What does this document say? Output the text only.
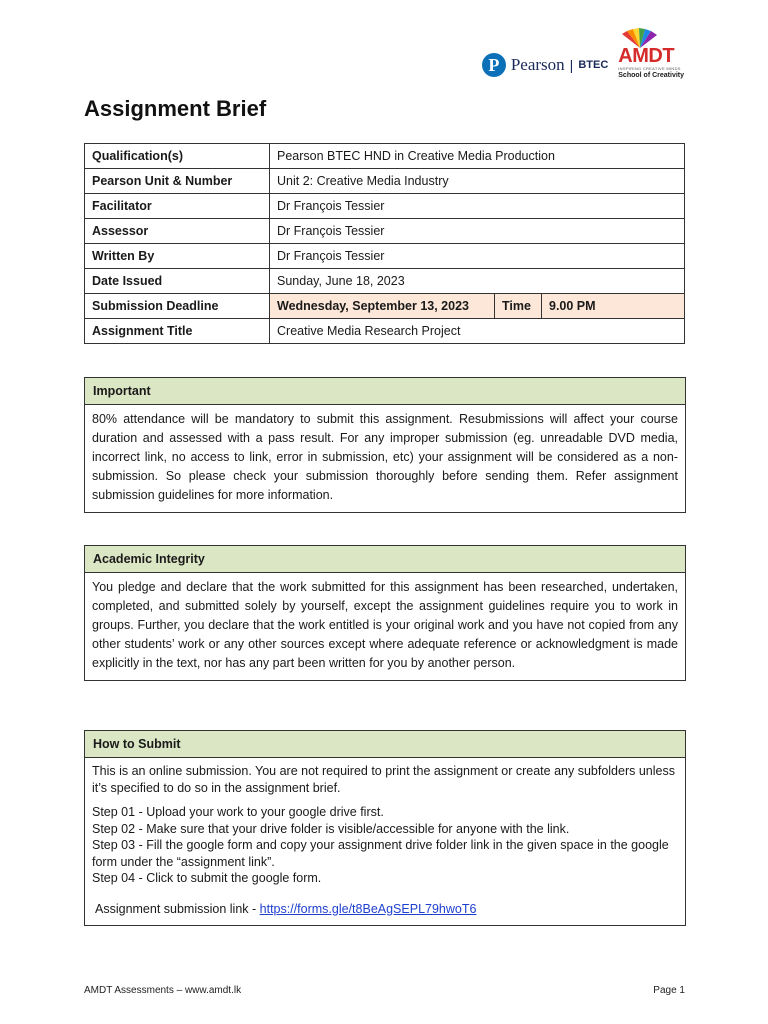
P Pearson | BTEC AMDT
INSPIRING CREATIVE MINDS
School of Creativity
Assignment Brief
Qualification(s)	Pearson BTEC HND in Creative Media Production		
Pearson Unit & Number	Unit 2: Creative Media Industry		
Facilitator	Dr François Tessier		
Assessor	Dr François Tessier		
Written By	Dr François Tessier		
Date Issued	Sunday, June 18, 2023		
Submission Deadline	Wednesday, September 13, 2023	Time	9.00 PM
Assignment Title	Creative Media Research Project		
Important
80% attendance will be mandatory to submit this assignment. Resubmissions will affect your course duration and assessed with a pass result. For any improper submission (eg. unreadable DVD media, incorrect link, no access to link, error in submission, etc) your assignment will be considered as a non-submission. So please check your submission thoroughly before sending them. Refer assignment submission guidelines for more information.
Academic Integrity
You pledge and declare that the work submitted for this assignment has been researched, undertaken, completed, and submitted solely by yourself, except the assignment guidelines require you to work in groups. Further, you declare that the work entitled is your original work and you have not copied from any other students’ work or any other sources except where adequate reference or acknowledgment is made explicitly in the text, nor has any part been written for you by another person.
How to Submit

This is an online submission. You are not required to print the assignment or create any subfolders unless it’s specified to do so in the assignment brief.

Step 01 - Upload your work to your google drive first.

Step 02 - Make sure that your drive folder is visible/accessible for anyone with the link.

Step 03 - Fill the google form and copy your assignment drive folder link in the given space in the google form under the “assignment link”.

Step 04 - Click to submit the google form.

Assignment submission link - https://forms.gle/t8BeAgSEPL79hwoT6

AMDT Assessments – www.amdt.lk	Page 1
